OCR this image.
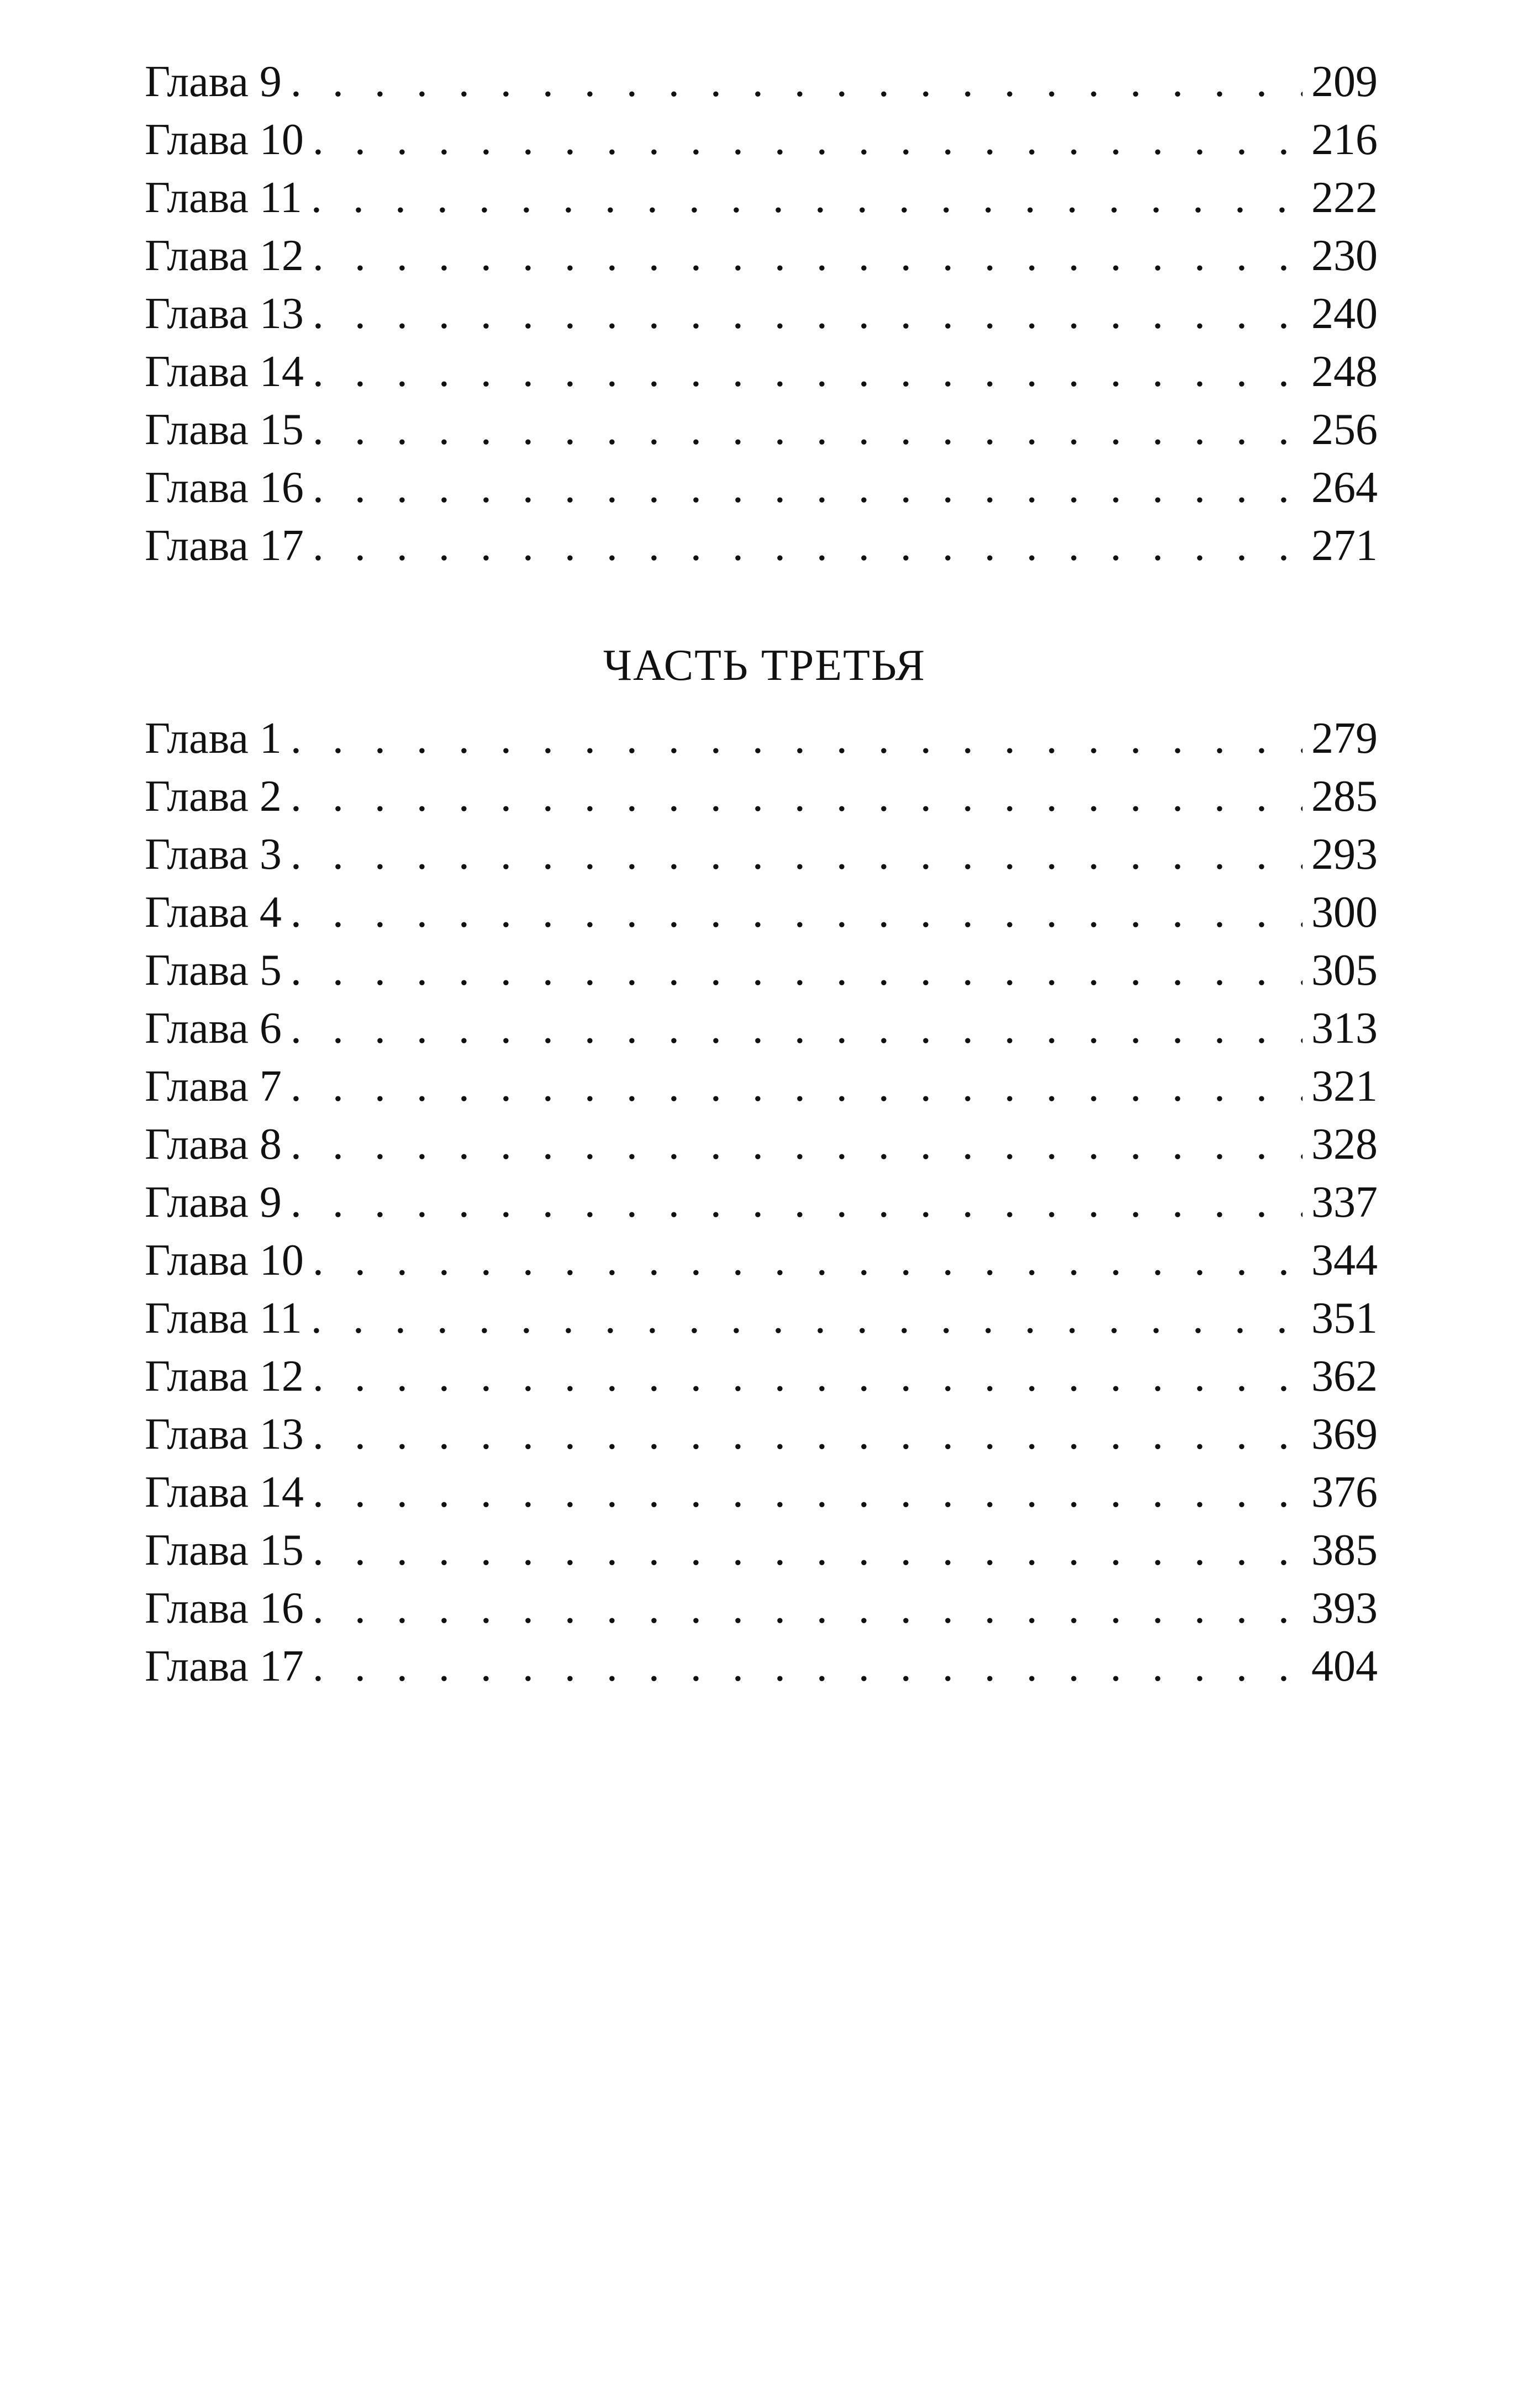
Глава 9 . . .	209
Глава 10 . . .	216
Глава 11 . . .	222
Глава 12 . . .	230
Глава 13 . . .	240
Глава 14 . . .	248
Глава 15 . . .	256
Глава 16 . . .	264
Глава 17 . . .	271
ЧАСТЬ ТРЕТЬЯ
Глава 1 . . .	279
Глава 2 . . .	285
Глава 3 . . .	293
Глава 4 . . .	300
Глава 5 . . .	305
Глава 6 . . .	313
Глава 7 . . .	321
Глава 8 . . .	328
Глава 9 . . .	337
Глава 10 . . .	344
Глава 11 . . .	351
Глава 12 . . .	362
Глава 13 . . .	369
Глава 14 . . .	376
Глава 15 . . .	385
Глава 16 . . .	393
Глава 17 . . .	404
